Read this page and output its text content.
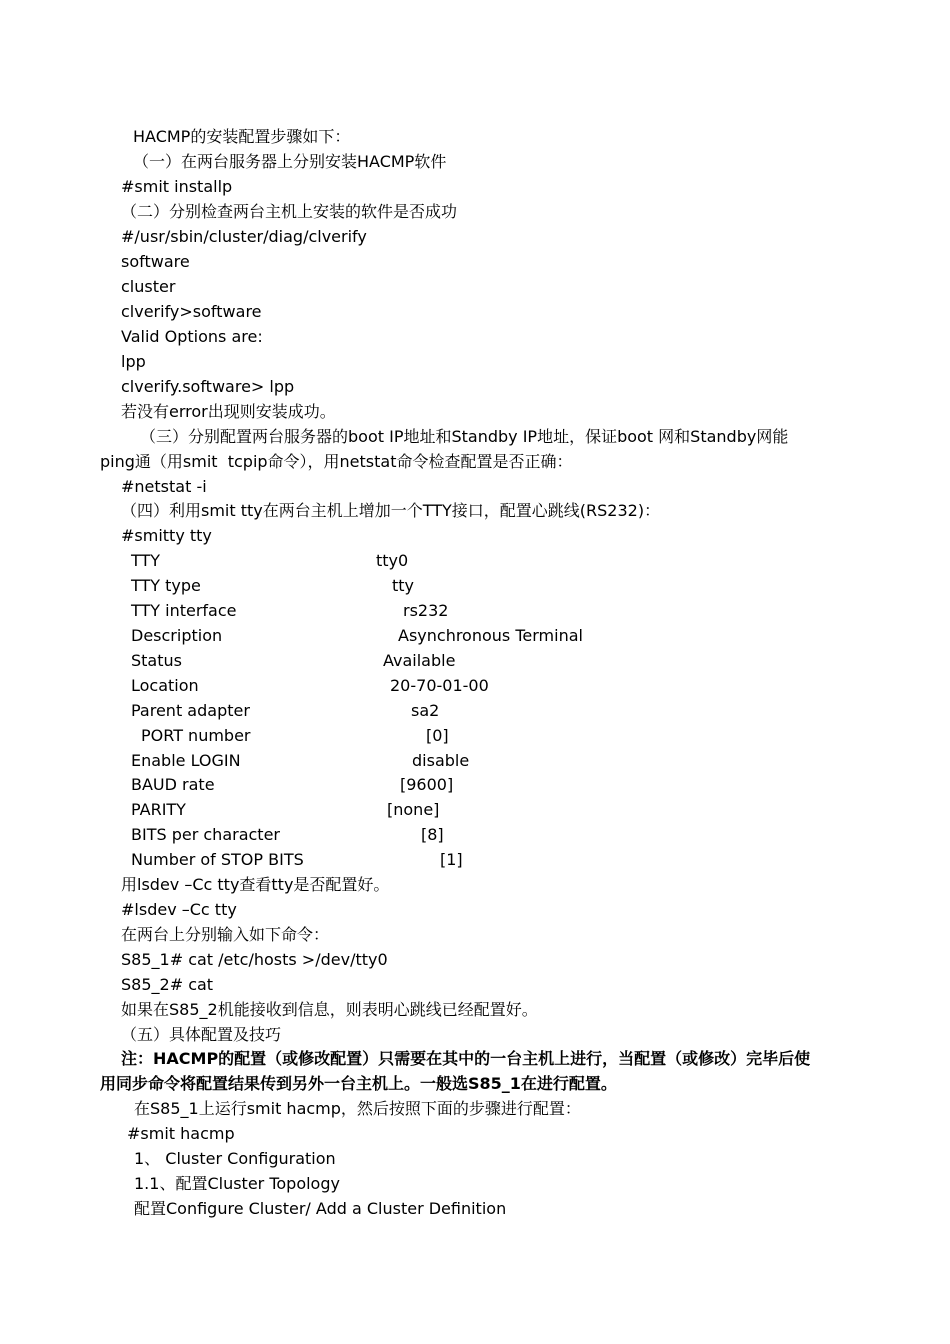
HACMP的安装配置步骤如下：
（一）在两台服务器上分别安装HACMP软件
#smit installp
（二）分别检查两台主机上安装的软件是否成功
#/usr/sbin/cluster/diag/clverify
software
cluster
clverify>software
Valid Options are:
lpp
clverify.software> lpp
若没有error出现则安装成功。
（三）分别配置两台服务器的boot IP地址和Standby IP地址，保证boot 网和Standby网能
ping通（用smit  tcpip命令），用netstat命令检查配置是否正确：
#netstat -i
（四）利用smit tty在两台主机上增加一个TTY接口，配置心跳线(RS232)：
#smitty tty
TTY	tty0
TTY type	tty
TTY interface	rs232
Description	Asynchronous Terminal
Status	Available
Location	20-70-01-00
Parent adapter	sa2
PORT number	[0]
Enable LOGIN	disable
BAUD rate	[9600]
PARITY	[none]
BITS per character	[8]
Number of STOP BITS	[1]
用lsdev –Cc tty查看tty是否配置好。
#lsdev –Cc tty
在两台上分别输入如下命令：
S85_1# cat /etc/hosts >/dev/tty0
S85_2# cat
如果在S85_2机能接收到信息，则表明心跳线已经配置好。
（五）具体配置及技巧
注：HACMP的配置（或修改配置）只需要在其中的一台主机上进行，当配置（或修改）完毕后使
用同步命令将配置结果传到另外一台主机上。一般选S85_1在进行配置。
在S85_1上运行smit hacmp，然后按照下面的步骤进行配置：
#smit hacmp
1、 Cluster Configuration
1.1、配置Cluster Topology
配置Configure Cluster/ Add a Cluster Definition
